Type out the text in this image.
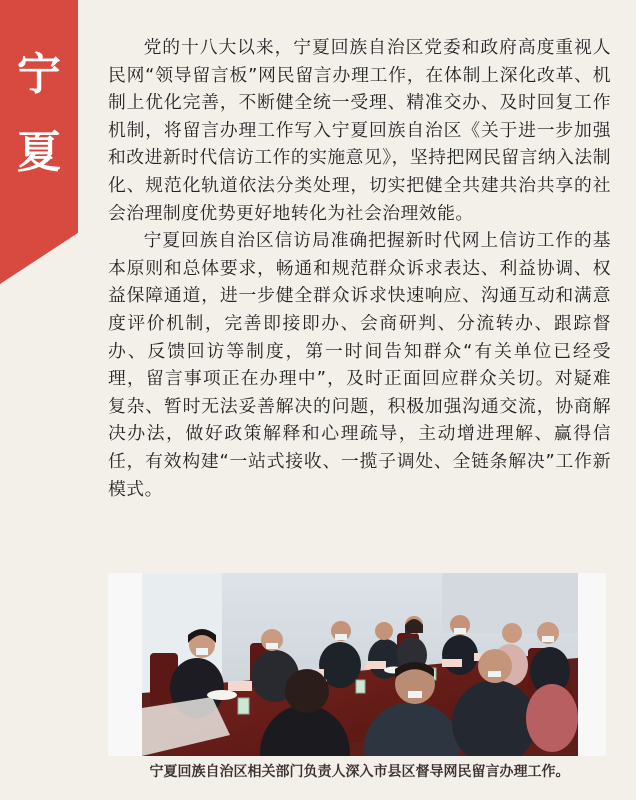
宁
夏

党的十八大以来，宁夏回族自治区党委和政府高度重视人民网“领导留言板”网民留言办理工作，在体制上深化改革、机制上优化完善，不断健全统一受理、精准交办、及时回复工作机制，将留言办理工作写入宁夏回族自治区《关于进一步加强和改进新时代信访工作的实施意见》，坚持把网民留言纳入法制化、规范化轨道依法分类处理，切实把健全共建共治共享的社会治理制度优势更好地转化为社会治理效能。

宁夏回族自治区信访局准确把握新时代网上信访工作的基本原则和总体要求，畅通和规范群众诉求表达、利益协调、权益保障通道，进一步健全群众诉求快速响应、沟通互动和满意度评价机制，完善即接即办、会商研判、分流转办、跟踪督办、反馈回访等制度，第一时间告知群众“有关单位已经受理，留言事项正在办理中”，及时正面回应群众关切。对疑难复杂、暂时无法妥善解决的问题，积极加强沟通交流，协商解决办法，做好政策解释和心理疏导，主动增进理解、赢得信任，有效构建“一站式接收、一揽子调处、全链条解决”工作新模式。

宁夏回族自治区相关部门负责人深入市县区督导网民留言办理工作。
